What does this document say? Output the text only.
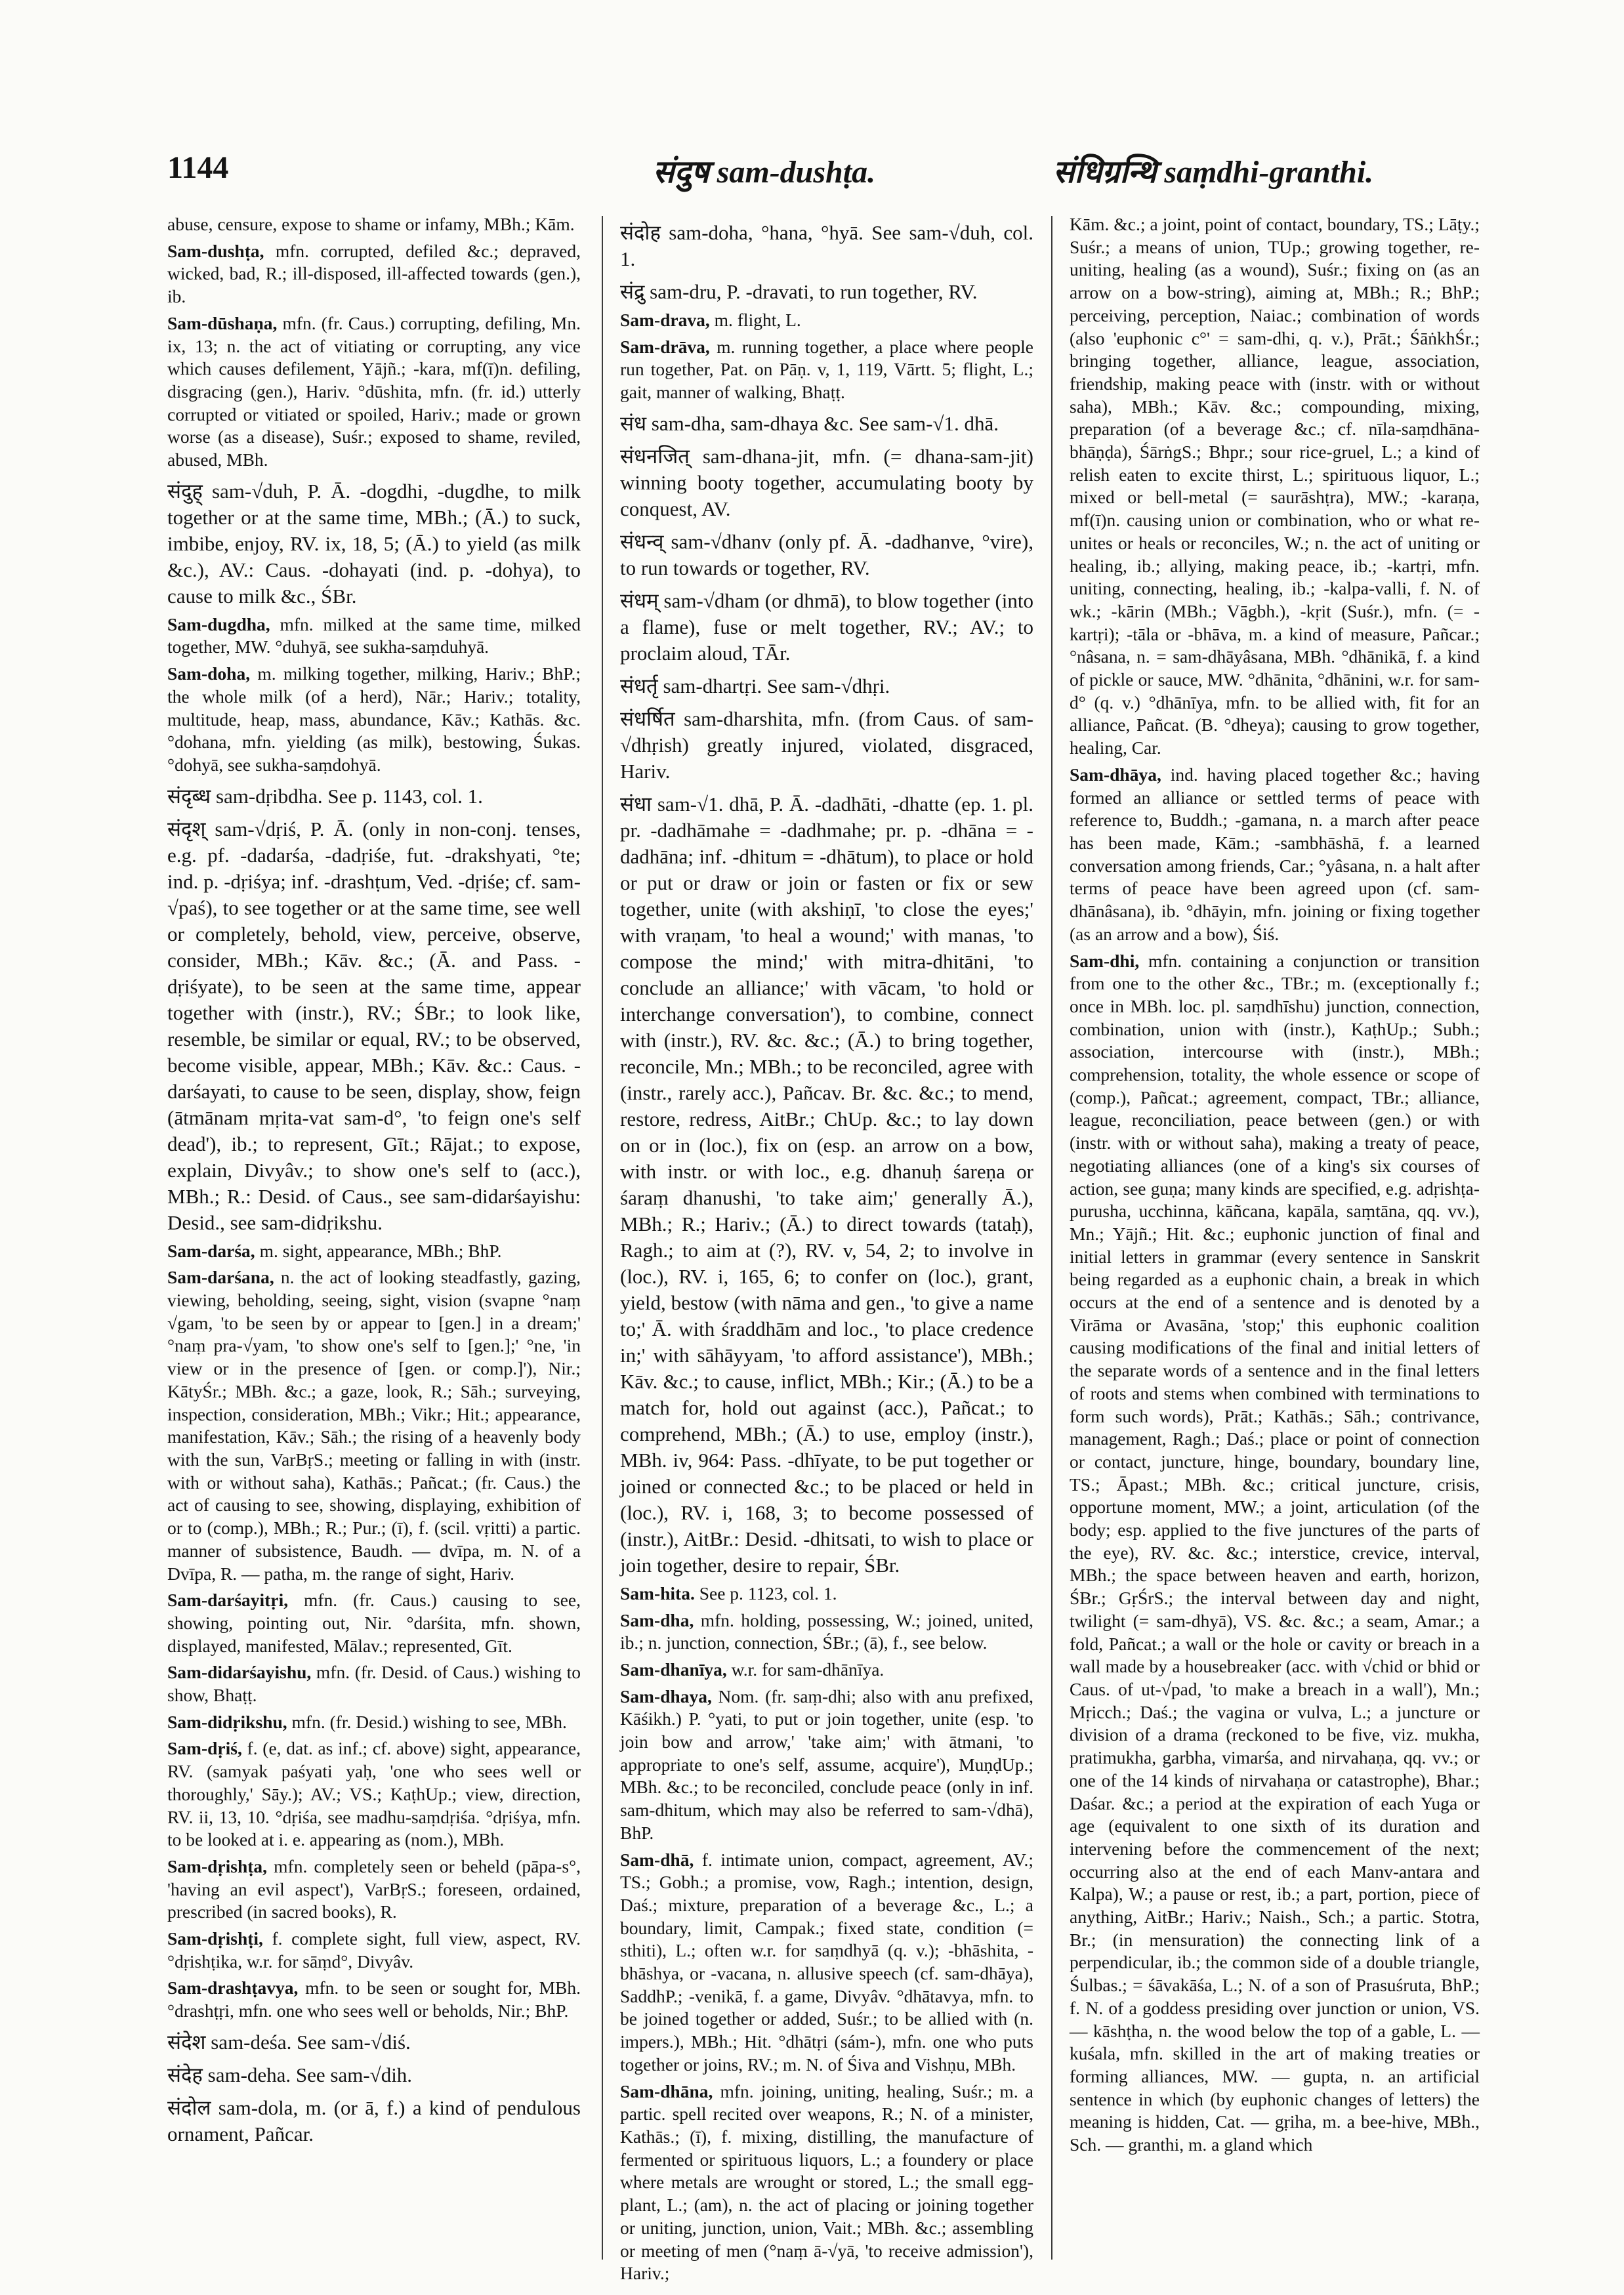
1144	संदुष sam-dushṭa.	संधिग्रन्थि saṃdhi-granthi.

abuse, censure, expose to shame or infamy, MBh.; Kām.

Sam-dushṭa, mfn. corrupted, defiled &c.; depraved, wicked, bad, R.; ill-disposed, ill-affected towards (gen.), ib.

Sam-dūshaṇa, mfn. (fr. Caus.) corrupting, defiling, Mn. ix, 13; n. the act of vitiating or corrupting, any vice which causes defilement, Yājñ.; -kara, mf(ī)n. defiling, disgracing (gen.), Hariv. °dūshita, mfn. (fr. id.) utterly corrupted or vitiated or spoiled, Hariv.; made or grown worse (as a disease), Suśr.; exposed to shame, reviled, abused, MBh.

संदुह् sam-√duh, P. Ā. -dogdhi, -dugdhe, to milk together or at the same time, MBh.; (Ā.) to suck, imbibe, enjoy, RV. ix, 18, 5; (Ā.) to yield (as milk &c.), AV.: Caus. -dohayati (ind. p. -dohya), to cause to milk &c., ŚBr.

Sam-dugdha, mfn. milked at the same time, milked together, MW. °duhyā, see sukha-saṃduhyā.

Sam-doha, m. milking together, milking, Hariv.; BhP.; the whole milk (of a herd), Nār.; Hariv.; totality, multitude, heap, mass, abundance, Kāv.; Kathās. &c. °dohana, mfn. yielding (as milk), bestowing, Śukas. °dohyā, see sukha-saṃdohyā.

संदृब्ध sam-dṛibdha. See p. 1143, col. 1.

संदृश् sam-√dṛiś, P. Ā. (only in non-conj. tenses, e.g. pf. -dadarśa, -dadṛiśe, fut. -drakshyati, °te; ind. p. -dṛiśya; inf. -drashṭum, Ved. -dṛiśe; cf. sam-√paś), to see together or at the same time, see well or completely, behold, view, perceive, observe, consider, MBh.; Kāv. &c.; (Ā. and Pass. -dṛiśyate), to be seen at the same time, appear together with (instr.), RV.; ŚBr.; to look like, resemble, be similar or equal, RV.; to be observed, become visible, appear, MBh.; Kāv. &c.: Caus. -darśayati, to cause to be seen, display, show, feign (ātmānam mṛita-vat sam-d°, 'to feign one's self dead'), ib.; to represent, Gīt.; Rājat.; to expose, explain, Divyâv.; to show one's self to (acc.), MBh.; R.: Desid. of Caus., see sam-didarśayishu: Desid., see sam-didṛikshu.

Sam-darśa, m. sight, appearance, MBh.; BhP.

Sam-darśana, n. the act of looking steadfastly, gazing, viewing, beholding, seeing, sight, vision (svapne °naṃ √gam, 'to be seen by or appear to [gen.] in a dream;' °naṃ pra-√yam, 'to show one's self to [gen.];' °ne, 'in view or in the presence of [gen. or comp.]'), Nir.; KātyŚr.; MBh. &c.; a gaze, look, R.; Sāh.; surveying, inspection, consideration, MBh.; Vikr.; Hit.; appearance, manifestation, Kāv.; Sāh.; the rising of a heavenly body with the sun, VarBṛS.; meeting or falling in with (instr. with or without saha), Kathās.; Pañcat.; (fr. Caus.) the act of causing to see, showing, displaying, exhibition of or to (comp.), MBh.; R.; Pur.; (ī), f. (scil. vṛitti) a partic. manner of subsistence, Baudh. — dvīpa, m. N. of a Dvīpa, R. — patha, m. the range of sight, Hariv.

Sam-darśayitṛi, mfn. (fr. Caus.) causing to see, showing, pointing out, Nir. °darśita, mfn. shown, displayed, manifested, Mālav.; represented, Gīt.

Sam-didarśayishu, mfn. (fr. Desid. of Caus.) wishing to show, Bhaṭṭ.

Sam-didṛikshu, mfn. (fr. Desid.) wishing to see, MBh.

Sam-dṛiś, f. (e, dat. as inf.; cf. above) sight, appearance, RV. (samyak paśyati yaḥ, 'one who sees well or thoroughly,' Sāy.); AV.; VS.; KaṭhUp.; view, direction, RV. ii, 13, 10. °dṛiśa, see madhu-saṃdṛiśa. °dṛiśya, mfn. to be looked at i. e. appearing as (nom.), MBh.

Sam-dṛishṭa, mfn. completely seen or beheld (pāpa-s°, 'having an evil aspect'), VarBṛS.; foreseen, ordained, prescribed (in sacred books), R.

Sam-dṛishṭi, f. complete sight, full view, aspect, RV. °dṛishṭika, w.r. for sāṃd°, Divyâv.

Sam-drashṭavya, mfn. to be seen or sought for, MBh. °drashṭṛi, mfn. one who sees well or beholds, Nir.; BhP.

संदेश sam-deśa. See sam-√diś.

संदेह sam-deha. See sam-√dih.

संदोल sam-dola, m. (or ā, f.) a kind of pendulous ornament, Pañcar.

संदोह sam-doha, °hana, °hyā. See sam-√duh, col. 1.

संद्रु sam-dru, P. -dravati, to run together, RV.

Sam-drava, m. flight, L.

Sam-drāva, m. running together, a place where people run together, Pat. on Pāṇ. v, 1, 119, Vārtt. 5; flight, L.; gait, manner of walking, Bhaṭṭ.

संध sam-dha, sam-dhaya &c. See sam-√1. dhā.

संधनजित् sam-dhana-jit, mfn. (= dhana-sam-jit) winning booty together, accumulating booty by conquest, AV.

संधन्व् sam-√dhanv (only pf. Ā. -dadhanve, °vire), to run towards or together, RV.

संधम् sam-√dham (or dhmā), to blow together (into a flame), fuse or melt together, RV.; AV.; to proclaim aloud, TĀr.

संधर्तृ sam-dhartṛi. See sam-√dhṛi.

संधर्षित sam-dharshita, mfn. (from Caus. of sam-√dhṛish) greatly injured, violated, disgraced, Hariv.

संधा sam-√1. dhā, P. Ā. -dadhāti, -dhatte (ep. 1. pl. pr. -dadhāmahe = -dadhmahe; pr. p. -dhāna = -dadhāna; inf. -dhitum = -dhātum), to place or hold or put or draw or join or fasten or fix or sew together, unite (with akshiṇī, 'to close the eyes;' with vraṇam, 'to heal a wound;' with manas, 'to compose the mind;' with mitra-dhitāni, 'to conclude an alliance;' with vācam, 'to hold or interchange conversation'), to combine, connect with (instr.), RV. &c. &c.; (Ā.) to bring together, reconcile, Mn.; MBh.; to be reconciled, agree with (instr., rarely acc.), Pañcav. Br. &c. &c.; to mend, restore, redress, AitBr.; ChUp. &c.; to lay down on or in (loc.), fix on (esp. an arrow on a bow, with instr. or with loc., e.g. dhanuḥ śareṇa or śaraṃ dhanushi, 'to take aim;' generally Ā.), MBh.; R.; Hariv.; (Ā.) to direct towards (tataḥ), Ragh.; to aim at (?), RV. v, 54, 2; to involve in (loc.), RV. i, 165, 6; to confer on (loc.), grant, yield, bestow (with nāma and gen., 'to give a name to;' Ā. with śraddhām and loc., 'to place credence in;' with sāhāyyam, 'to afford assistance'), MBh.; Kāv. &c.; to cause, inflict, MBh.; Kir.; (Ā.) to be a match for, hold out against (acc.), Pañcat.; to comprehend, MBh.; (Ā.) to use, employ (instr.), MBh. iv, 964: Pass. -dhīyate, to be put together or joined or connected &c.; to be placed or held in (loc.), RV. i, 168, 3; to become possessed of (instr.), AitBr.: Desid. -dhitsati, to wish to place or join together, desire to repair, ŚBr.

Sam-hita. See p. 1123, col. 1.

Sam-dha, mfn. holding, possessing, W.; joined, united, ib.; n. junction, connection, ŚBr.; (ā), f., see below.

Sam-dhanīya, w.r. for sam-dhānīya.

Sam-dhaya, Nom. (fr. saṃ-dhi; also with anu prefixed, Kāśikh.) P. °yati, to put or join together, unite (esp. 'to join bow and arrow,' 'take aim;' with ātmani, 'to appropriate to one's self, assume, acquire'), MuṇḍUp.; MBh. &c.; to be reconciled, conclude peace (only in inf. sam-dhitum, which may also be referred to sam-√dhā), BhP.

Sam-dhā, f. intimate union, compact, agreement, AV.; TS.; Gobh.; a promise, vow, Ragh.; intention, design, Daś.; mixture, preparation of a beverage &c., L.; a boundary, limit, Campak.; fixed state, condition (= sthiti), L.; often w.r. for saṃdhyā (q. v.); -bhāshita, -bhāshya, or -vacana, n. allusive speech (cf. sam-dhāya), SaddhP.; -venikā, f. a game, Divyâv. °dhātavya, mfn. to be joined together or added, Suśr.; to be allied with (n. impers.), MBh.; Hit. °dhātṛi (sám-), mfn. one who puts together or joins, RV.; m. N. of Śiva and Vishṇu, MBh.

Sam-dhāna, mfn. joining, uniting, healing, Suśr.; m. a partic. spell recited over weapons, R.; N. of a minister, Kathās.; (ī), f. mixing, distilling, the manufacture of fermented or spirituous liquors, L.; a foundery or place where metals are wrought or stored, L.; the small egg-plant, L.; (am), n. the act of placing or joining together or uniting, junction, union, Vait.; MBh. &c.; assembling or meeting of men (°naṃ ā-√yā, 'to receive admission'), Hariv.;

Kām. &c.; a joint, point of contact, boundary, TS.; Lāṭy.; Suśr.; a means of union, TUp.; growing together, re-uniting, healing (as a wound), Suśr.; fixing on (as an arrow on a bow-string), aiming at, MBh.; R.; BhP.; perceiving, perception, Naiac.; combination of words (also 'euphonic c°' = sam-dhi, q. v.), Prāt.; ŚāṅkhŚr.; bringing together, alliance, league, association, friendship, making peace with (instr. with or without saha), MBh.; Kāv. &c.; compounding, mixing, preparation (of a beverage &c.; cf. nīla-saṃdhāna-bhāṇḍa), ŚārṅgS.; Bhpr.; sour rice-gruel, L.; a kind of relish eaten to excite thirst, L.; spirituous liquor, L.; mixed or bell-metal (= saurāshṭra), MW.; -karaṇa, mf(ī)n. causing union or combination, who or what re-unites or heals or reconciles, W.; n. the act of uniting or healing, ib.; allying, making peace, ib.; -kartṛi, mfn. uniting, connecting, healing, ib.; -kalpa-valli, f. N. of wk.; -kārin (MBh.; Vāgbh.), -kṛit (Suśr.), mfn. (= -kartṛi); -tāla or -bhāva, m. a kind of measure, Pañcar.; °nâsana, n. = sam-dhāyâsana, MBh. °dhānikā, f. a kind of pickle or sauce, MW. °dhānita, °dhānini, w.r. for sam-d° (q. v.) °dhānīya, mfn. to be allied with, fit for an alliance, Pañcat. (B. °dheya); causing to grow together, healing, Car.

Sam-dhāya, ind. having placed together &c.; having formed an alliance or settled terms of peace with reference to, Buddh.; -gamana, n. a march after peace has been made, Kām.; -sambhāshā, f. a learned conversation among friends, Car.; °yâsana, n. a halt after terms of peace have been agreed upon (cf. sam-dhānâsana), ib. °dhāyin, mfn. joining or fixing together (as an arrow and a bow), Śiś.

Sam-dhi, mfn. containing a conjunction or transition from one to the other &c., TBr.; m. (exceptionally f.; once in MBh. loc. pl. saṃdhīshu) junction, connection, combination, union with (instr.), KaṭhUp.; Subh.; association, intercourse with (instr.), MBh.; comprehension, totality, the whole essence or scope of (comp.), Pañcat.; agreement, compact, TBr.; alliance, league, reconciliation, peace between (gen.) or with (instr. with or without saha), making a treaty of peace, negotiating alliances (one of a king's six courses of action, see guṇa; many kinds are specified, e.g. adṛishṭa-purusha, ucchinna, kāñcana, kapāla, saṃtāna, qq. vv.), Mn.; Yājñ.; Hit. &c.; euphonic junction of final and initial letters in grammar (every sentence in Sanskrit being regarded as a euphonic chain, a break in which occurs at the end of a sentence and is denoted by a Virāma or Avasāna, 'stop;' this euphonic coalition causing modifications of the final and initial letters of the separate words of a sentence and in the final letters of roots and stems when combined with terminations to form such words), Prāt.; Kathās.; Sāh.; contrivance, management, Ragh.; Daś.; place or point of connection or contact, juncture, hinge, boundary, boundary line, TS.; Āpast.; MBh. &c.; critical juncture, crisis, opportune moment, MW.; a joint, articulation (of the body; esp. applied to the five junctures of the parts of the eye), RV. &c. &c.; interstice, crevice, interval, MBh.; the space between heaven and earth, horizon, ŚBr.; GṛŚrS.; the interval between day and night, twilight (= sam-dhyā), VS. &c. &c.; a seam, Amar.; a fold, Pañcat.; a wall or the hole or cavity or breach in a wall made by a housebreaker (acc. with √chid or bhid or Caus. of ut-√pad, 'to make a breach in a wall'), Mn.; Mṛicch.; Daś.; the vagina or vulva, L.; a juncture or division of a drama (reckoned to be five, viz. mukha, pratimukha, garbha, vimarśa, and nirvahaṇa, qq. vv.; or one of the 14 kinds of nirvahaṇa or catastrophe), Bhar.; Daśar. &c.; a period at the expiration of each Yuga or age (equivalent to one sixth of its duration and intervening before the commencement of the next; occurring also at the end of each Manv-antara and Kalpa), W.; a pause or rest, ib.; a part, portion, piece of anything, AitBr.; Hariv.; Naish., Sch.; a partic. Stotra, Br.; (in mensuration) the connecting link of a perpendicular, ib.; the common side of a double triangle, Śulbas.; = śāvakāśa, L.; N. of a son of Prasuśruta, BhP.; f. N. of a goddess presiding over junction or union, VS. — kāshṭha, n. the wood below the top of a gable, L. — kuśala, mfn. skilled in the art of making treaties or forming alliances, MW. — gupta, n. an artificial sentence in which (by euphonic changes of letters) the meaning is hidden, Cat. — gṛiha, m. a bee-hive, MBh., Sch. — granthi, m. a gland which
